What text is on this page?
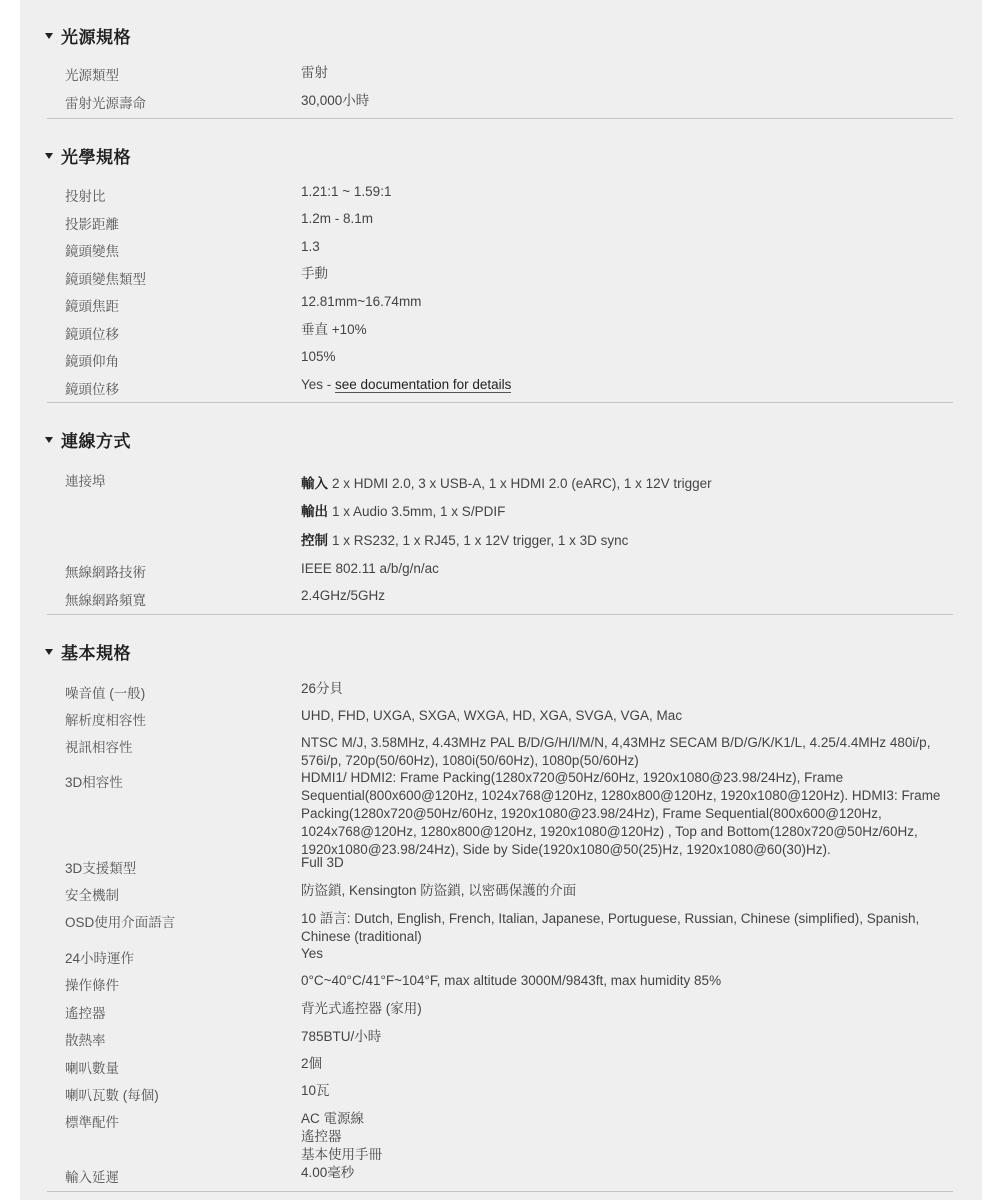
光源規格
光源類型	雷射
雷射光源壽命	30,000小時
光學規格
投射比	1.21:1 ~ 1.59:1
投影距離	1.2m - 8.1m
鏡頭變焦	1.3
鏡頭變焦類型	手動
鏡頭焦距	12.81mm~16.74mm
鏡頭位移	垂直 +10%
鏡頭仰角	105%
鏡頭位移	Yes - see documentation for details
連線方式
連接埠	輸入 2 x HDMI 2.0, 3 x USB-A, 1 x HDMI 2.0 (eARC), 1 x 12V trigger
輸出 1 x Audio 3.5mm, 1 x S/PDIF
控制 1 x RS232, 1 x RJ45, 1 x 12V trigger, 1 x 3D sync
無線網路技術	IEEE 802.11 a/b/g/n/ac
無線網路頻寬	2.4GHz/5GHz
基本規格
噪音值 (一般)	26分貝
解析度相容性	UHD, FHD, UXGA, SXGA, WXGA, HD, XGA, SVGA, VGA, Mac
視訊相容性	NTSC M/J, 3.58MHz, 4.43MHz PAL B/D/G/H/I/M/N, 4,43MHz SECAM B/D/G/K/K1/L, 4.25/4.4MHz 480i/p, 576i/p, 720p(50/60Hz), 1080i(50/60Hz), 1080p(50/60Hz)
3D相容性	HDMI1/ HDMI2: Frame Packing(1280x720@50Hz/60Hz, 1920x1080@23.98/24Hz), Frame Sequential(800x600@120Hz, 1024x768@120Hz, 1280x800@120Hz, 1920x1080@120Hz). HDMI3: Frame Packing(1280x720@50Hz/60Hz, 1920x1080@23.98/24Hz), Frame Sequential(800x600@120Hz, 1024x768@120Hz, 1280x800@120Hz, 1920x1080@120Hz) , Top and Bottom(1280x720@50Hz/60Hz, 1920x1080@23.98/24Hz), Side by Side(1920x1080@50(25)Hz, 1920x1080@60(30)Hz).
3D支援類型	Full 3D
安全機制	防盜鎖, Kensington 防盜鎖, 以密碼保護的介面
OSD使用介面語言	10 語言: Dutch, English, French, Italian, Japanese, Portuguese, Russian, Chinese (simplified), Spanish, Chinese (traditional)
24小時運作	Yes
操作條件	0°C~40°C/41°F~104°F, max altitude 3000M/9843ft, max humidity 85%
遙控器	背光式遙控器 (家用)
散熱率	785BTU/小時
喇叭數量	2個
喇叭瓦數 (每個)	10瓦
標準配件	AC 電源線
遙控器
基本使用手冊
輸入延遲	4.00毫秒
